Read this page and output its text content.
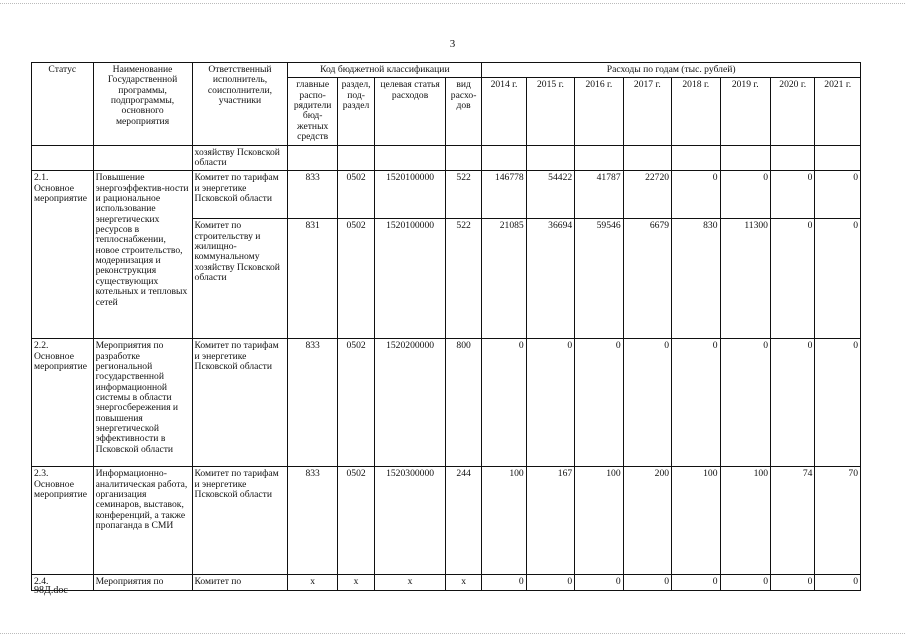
3
Статус	Наименование Государственной программы, подпрограммы, основного мероприятия	Ответственный исполнитель, соисполнители, участники	Код бюджетной классификации				Расходы по годам (тыс. рублей)							
			главные распо-рядители бюд-жетных средств	раздел, под-раздел	целевая статья расходов	вид расхо-дов	2014 г.	2015 г.	2016 г.	2017 г.	2018 г.	2019 г.	2020 г.	2021 г.
		хозяйству Псковской области												
2.1. Основное мероприятие	Повышение энергоэффектив-ности и рациональное использование энергетических ресурсов в теплоснабжении, новое строительство, модернизация и реконструкция существующих котельных и тепловых сетей	Комитет по тарифам и энергетике Псковской области	833	0502	1520100000	522	146778	54422	41787	22720	0	0	0	0
		Комитет по строительству и жилищно-коммунальному хозяйству Псковской области	831	0502	1520100000	522	21085	36694	59546	6679	830	11300	0	0
2.2. Основное мероприятие	Мероприятия по разработке региональной государственной информационной системы в области энергосбережения и повышения энергетической эффективности в Псковской области	Комитет по тарифам и энергетике Псковской области	833	0502	1520200000	800	0	0	0	0	0	0	0	0
2.3. Основное мероприятие	Информационно-аналитическая работа, организация семинаров, выставок, конференций, а также пропаганда в СМИ	Комитет по тарифам и энергетике Псковской области	833	0502	1520300000	244	100	167	100	200	100	100	74	70
2.4.	Мероприятия по	Комитет по	х	х	х	х	0	0	0	0	0	0	0	0
98Д.doc
